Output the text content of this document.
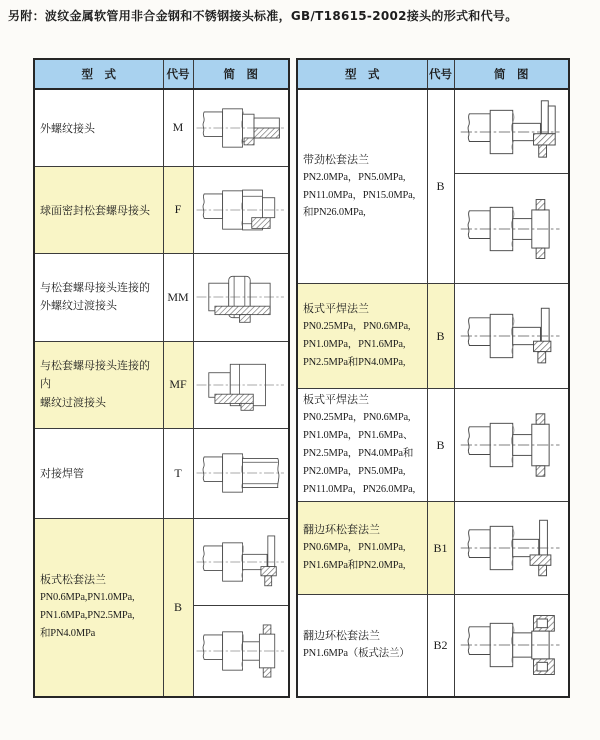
另附：波纹金属软管用非合金钢和不锈钢接头标准，GB/T18615-2002接头的形式和代号。
型　式	代号	简　图
外螺纹接头	M	

球面密封松套螺母接头	F	

与松套螺母接头连接的
外螺纹过渡接头	MM	

与松套螺母接头连接的内
螺纹过渡接头	MF	

对接焊管	T	

板式松套法兰
PN0.6MPa,PN1.0MPa,
PN1.6MPa,PN2.5MPa,
和PN4.0MPa	B	
型　式	代号	简　图

带劲松套法兰
PN2.0MPa，PN5.0MPa,
PN11.0MPa，PN15.0MPa,
和PN26.0MPa,	B	

板式平焊法兰
PN0.25MPa，PN0.6MPa,
PN1.0MPa，PN1.6MPa,
PN2.5MPa和PN4.0MPa,	B	

板式平焊法兰
PN0.25MPa，PN0.6MPa,
PN1.0MPa，PN1.6MPa、
PN2.5MPa，PN4.0MPa和
PN2.0MPa，PN5.0MPa,
PN11.0MPa，PN26.0MPa,
	B	

翻边环松套法兰
PN0.6MPa，PN1.0MPa,
PN1.6MPa和PN2.0MPa,	B1	

翻边环松套法兰
PN1.6MPa（板式法兰）	B2	
